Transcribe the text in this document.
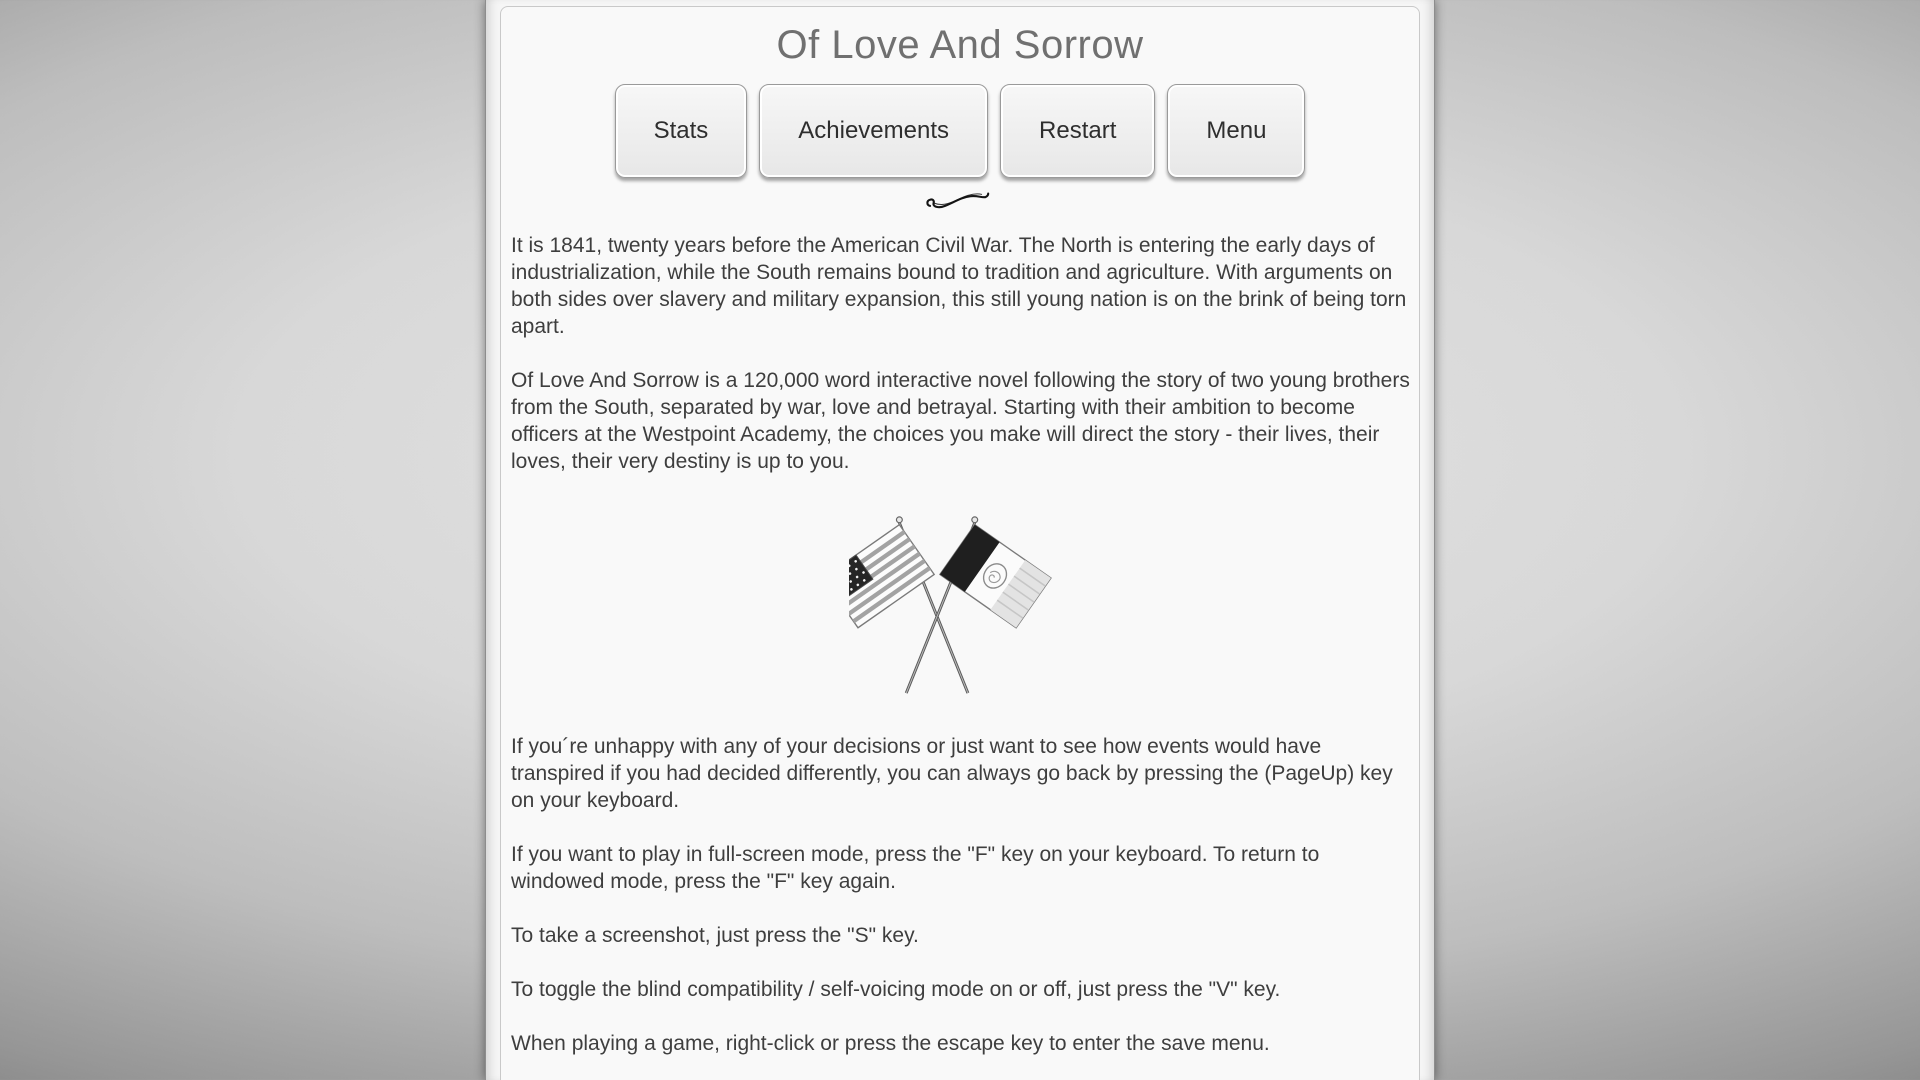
Of Love And Sorrow
Stats	Achievements	Restart	Menu

It is 1841, twenty years before the American Civil War. The North is entering the early days of industrialization, while the South remains bound to tradition and agriculture. With arguments on both sides over slavery and military expansion, this still young nation is on the brink of being torn apart.

Of Love And Sorrow is a 120,000 word interactive novel following the story of two young brothers from the South, separated by war, love and betrayal. Starting with their ambition to become officers at the Westpoint Academy, the choices you make will direct the story - their lives, their loves, their very destiny is up to you.

If you´re unhappy with any of your decisions or just want to see how events would have transpired if you had decided differently, you can always go back by pressing the (PageUp) key on your keyboard.

If you want to play in full-screen mode, press the "F" key on your keyboard. To return to windowed mode, press the "F" key again.

To take a screenshot, just press the "S" key.

To toggle the blind compatibility / self-voicing mode on or off, just press the "V" key.

When playing a game, right-click or press the escape key to enter the save menu.
